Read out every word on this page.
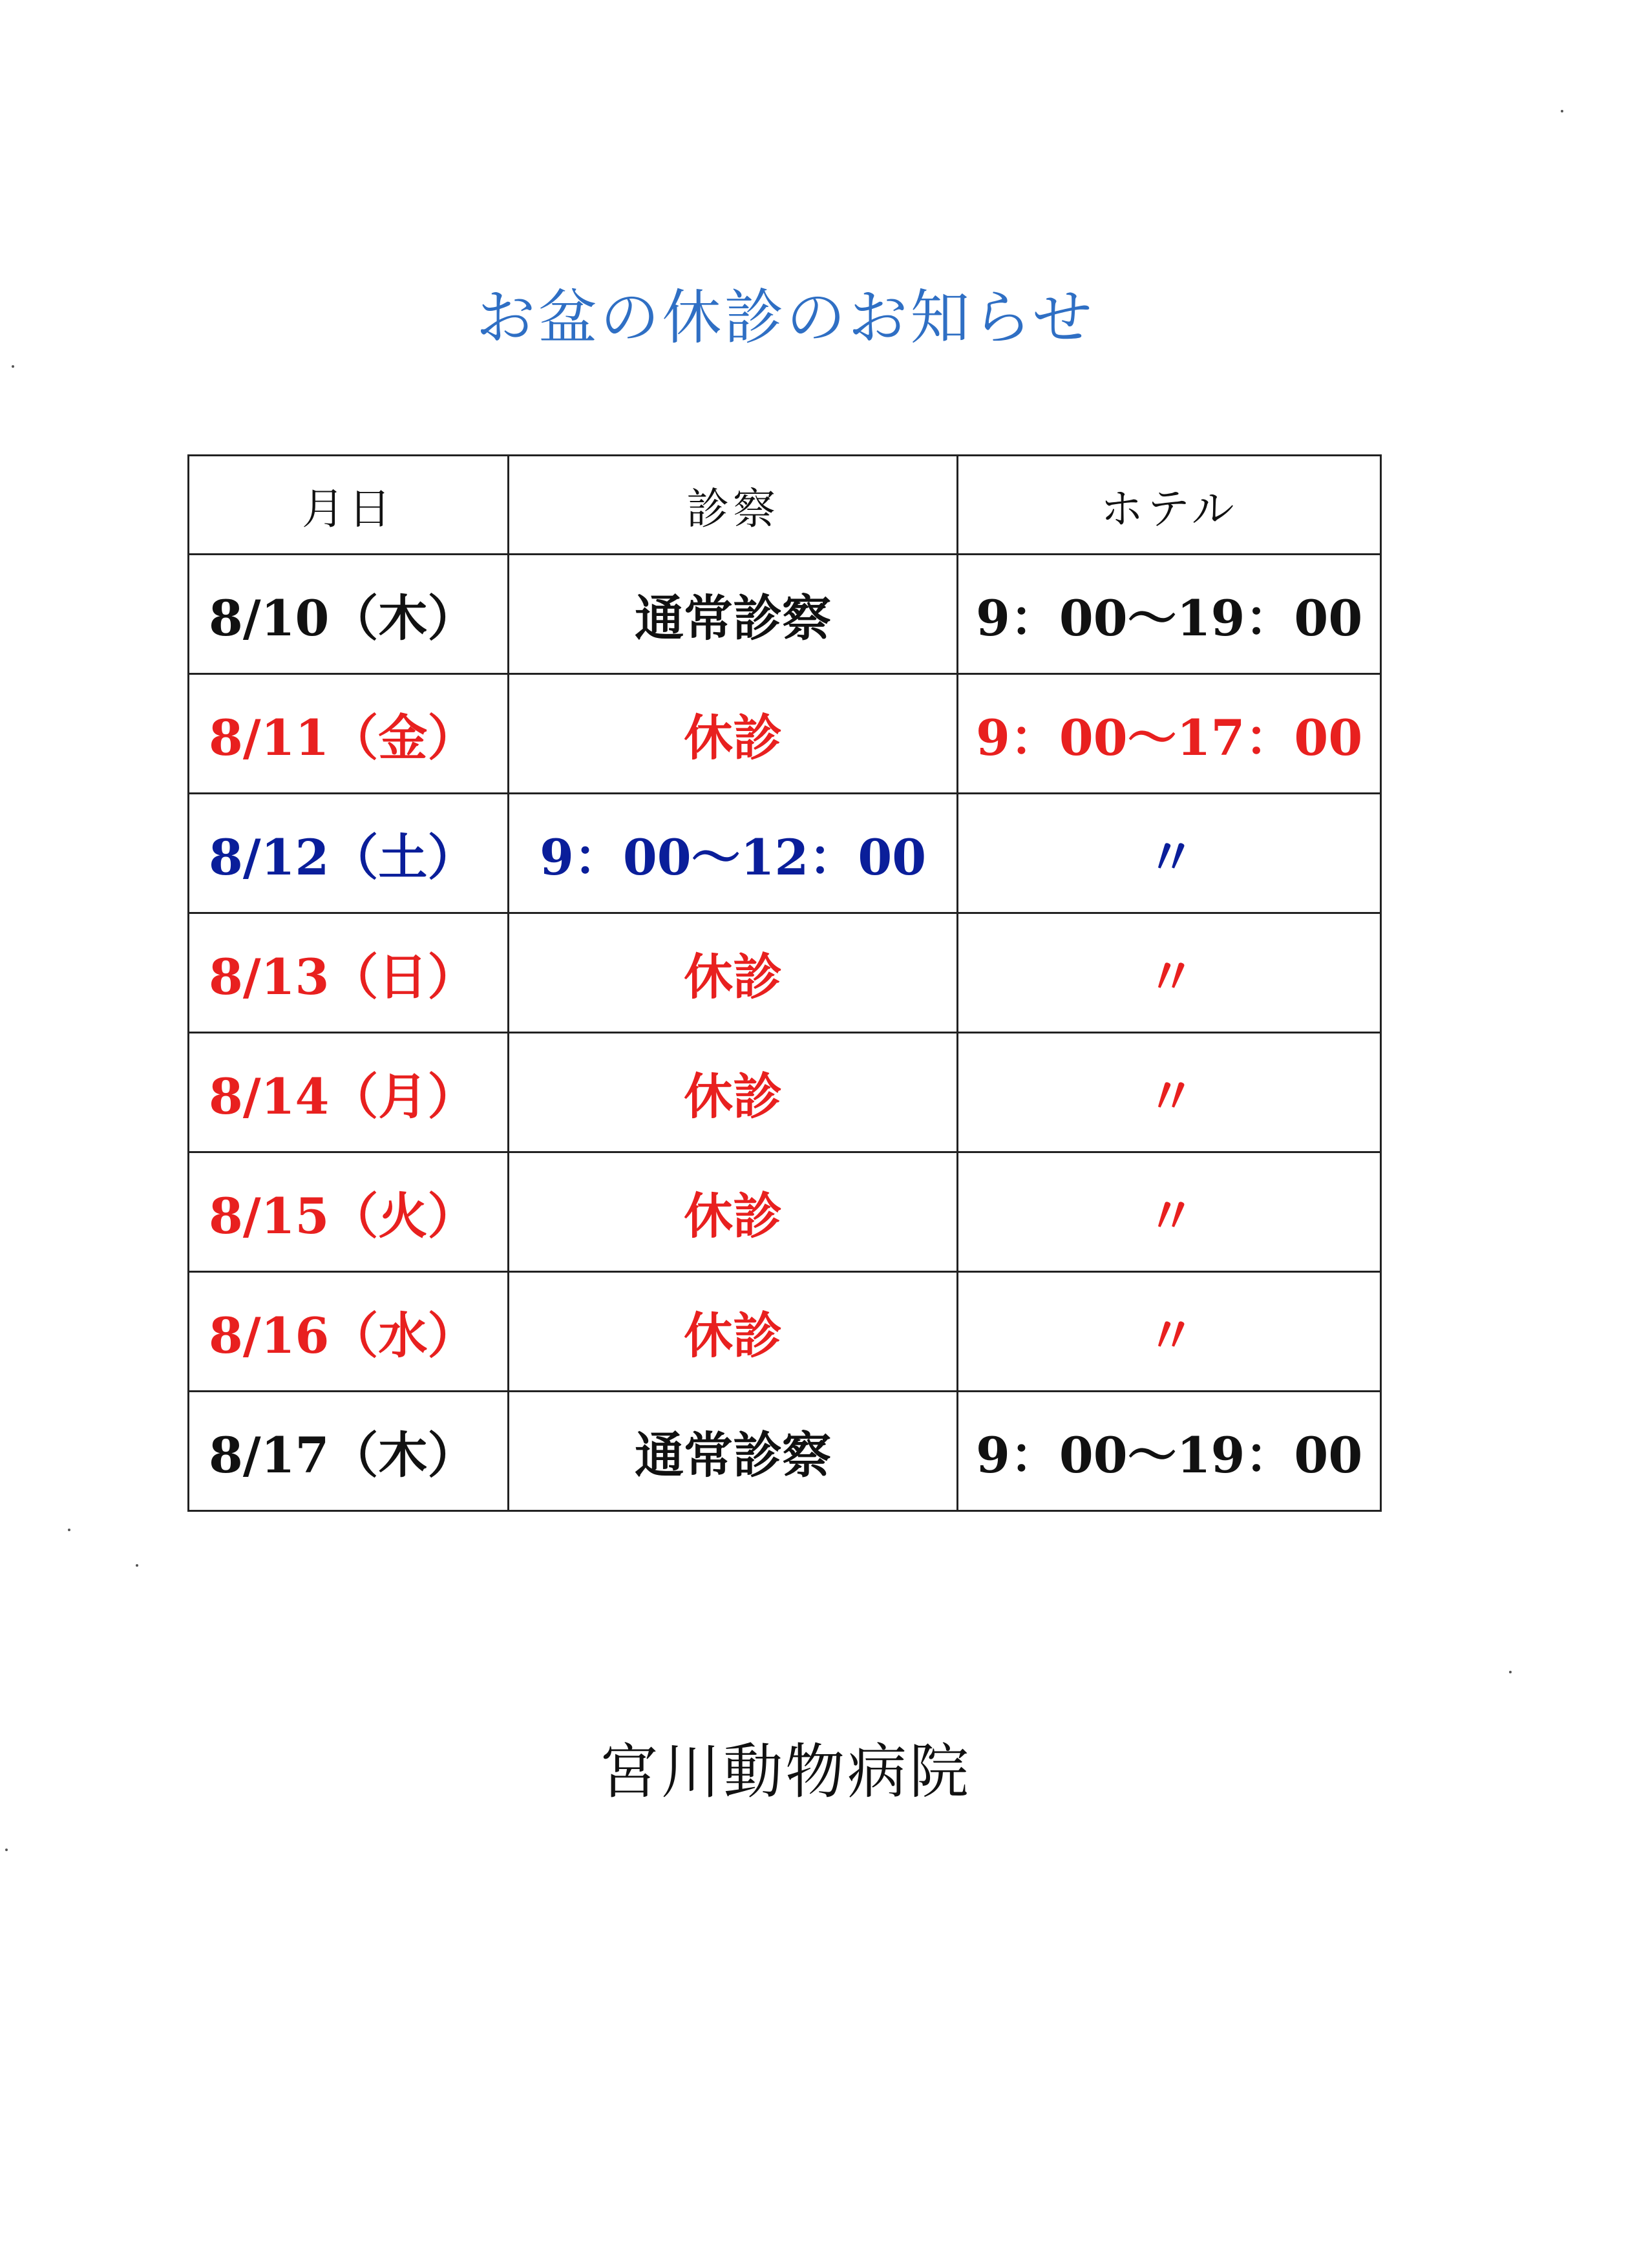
お盆の休診のお知らせ
月日	診察	ホテル
8/10（木）	通常診察	9：00～19：00
8/11（金）	休診	9：00～17：00
8/12（土）	9：00～12：00	〃
8/13（日）	休診	〃
8/14（月）	休診	〃
8/15（火）	休診	〃
8/16（水）	休診	〃
8/17（木）	通常診察	9：00～19：00
宮川動物病院
